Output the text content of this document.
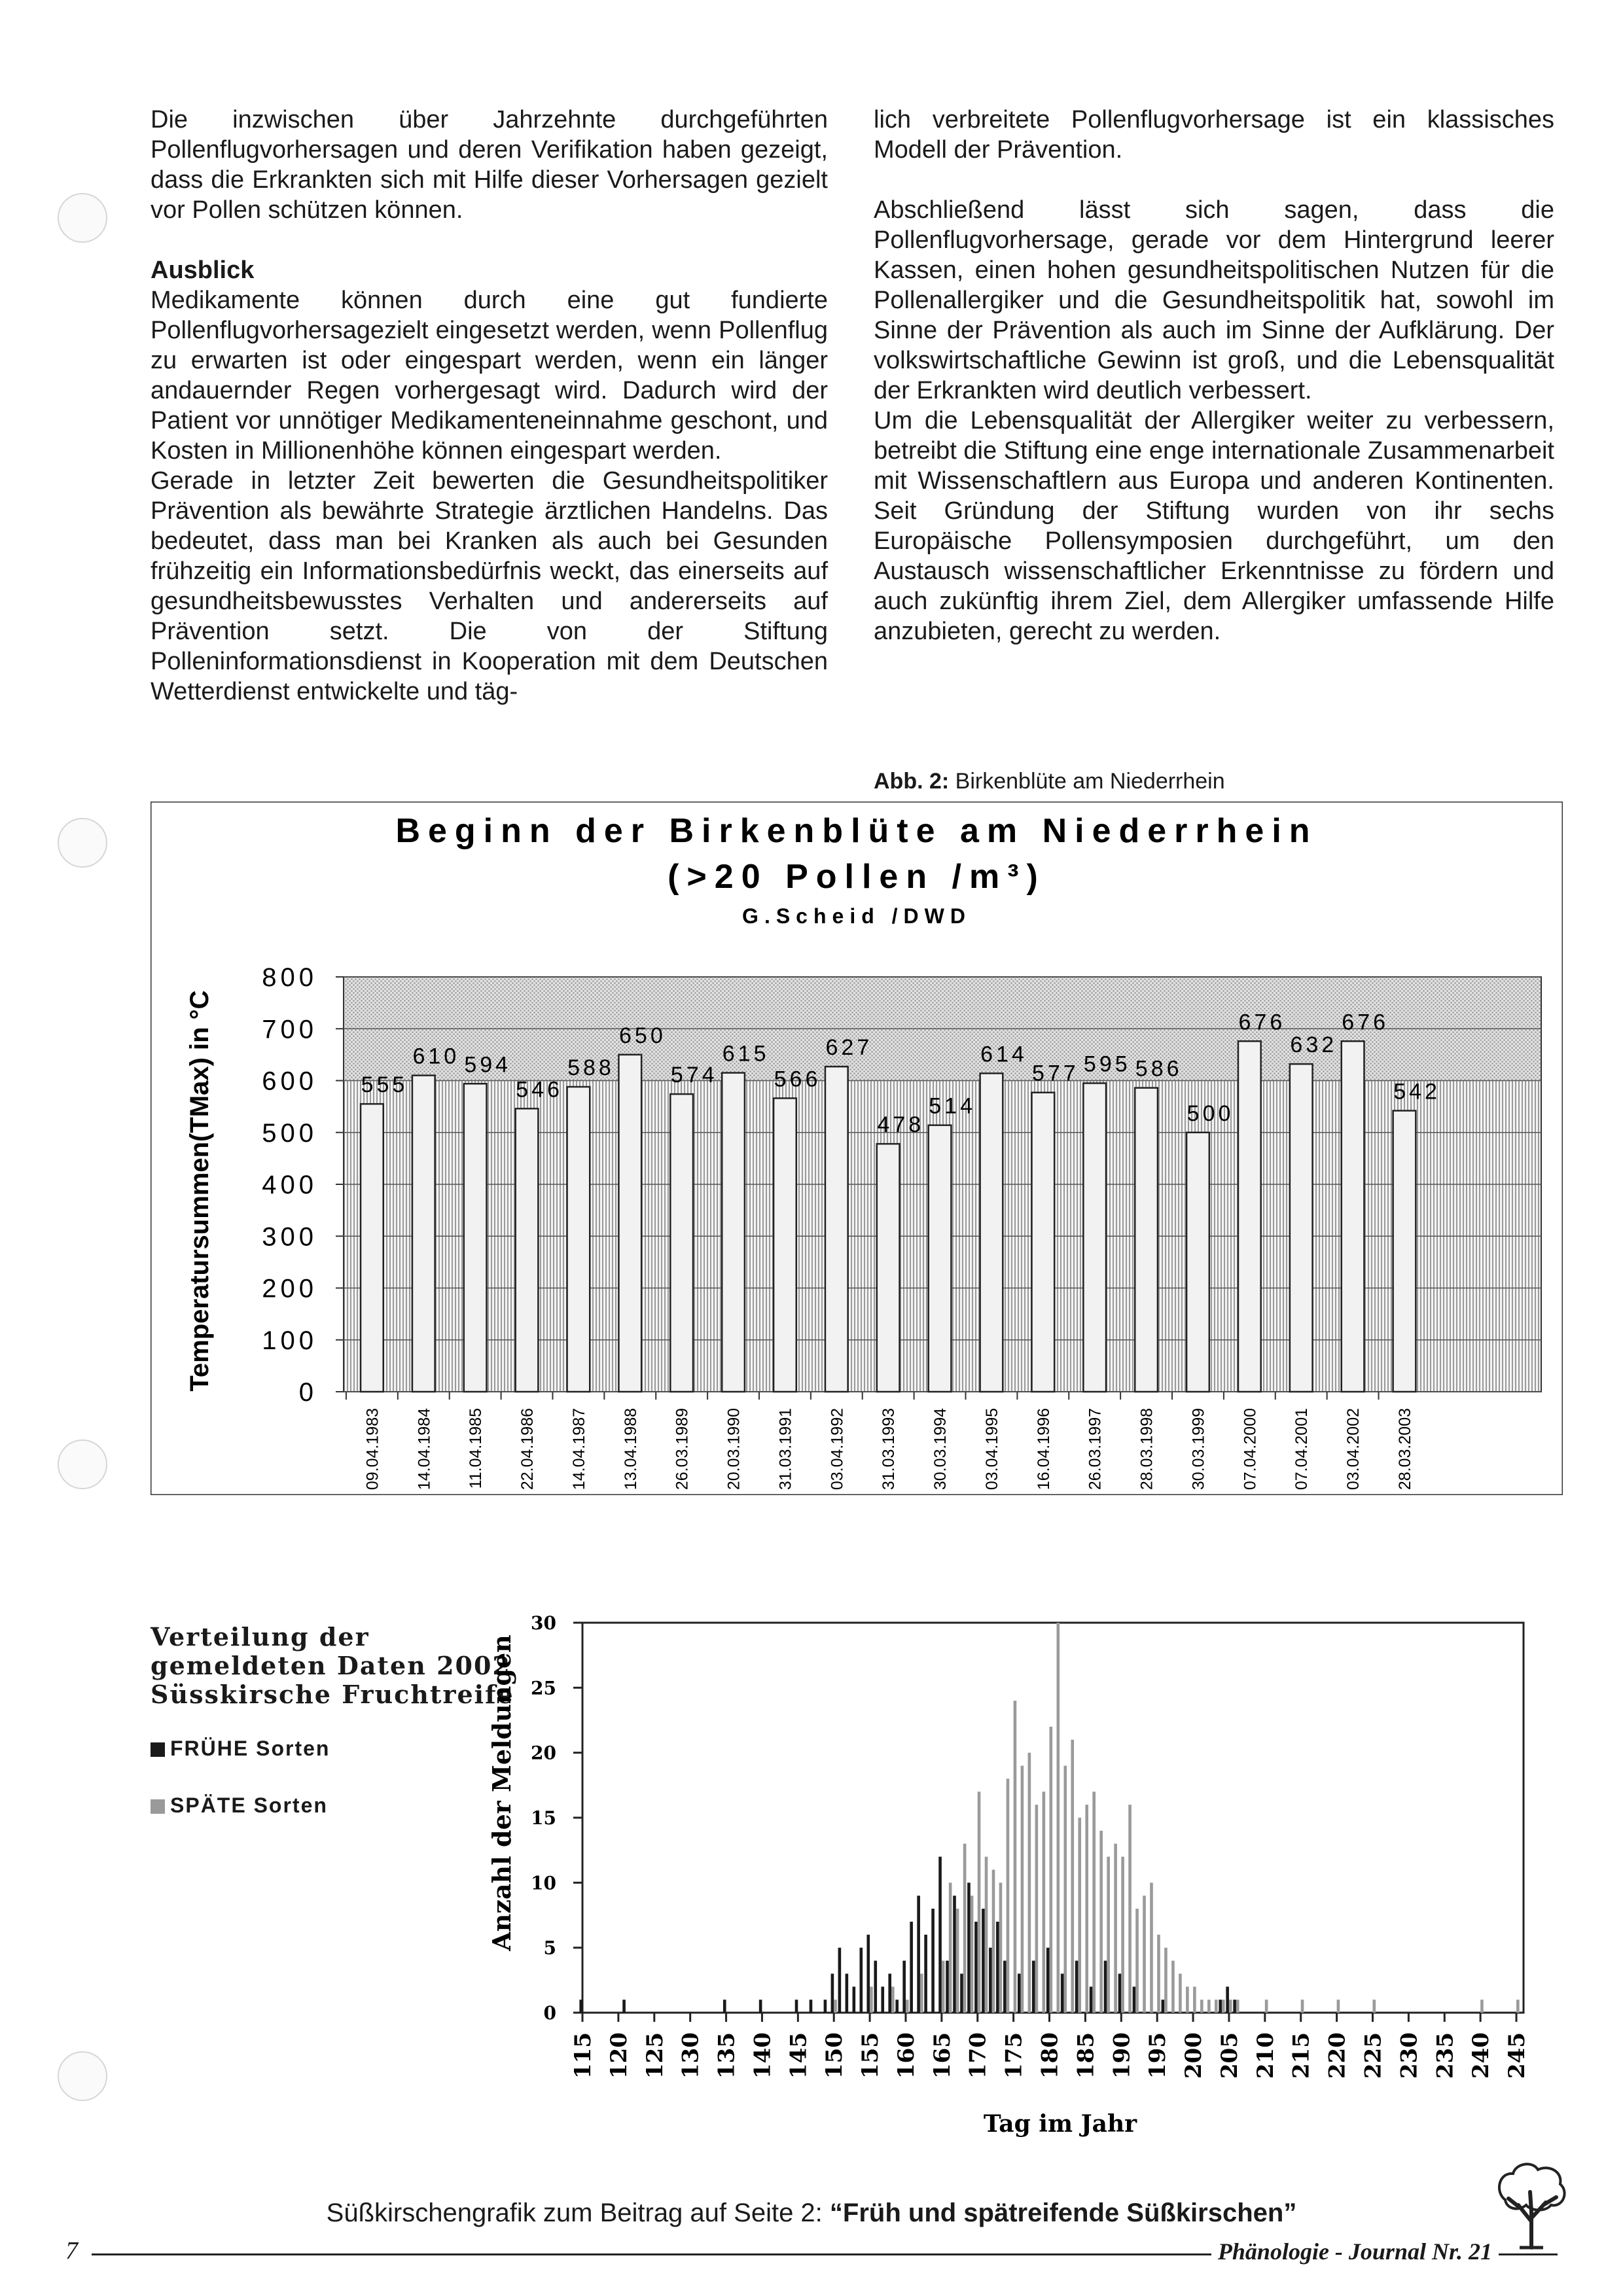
Die inzwischen über Jahrzehnte durchgeführten Pollenflugvorhersagen und deren Verifikation haben gezeigt, dass die Erkrankten sich mit Hilfe dieser Vorhersagen gezielt vor Pollen schützen können.

Ausblick

Medikamente können durch eine gut fundierte Pollenflugvorhersagezielt eingesetzt werden, wenn Pollenflug zu erwarten ist oder eingespart werden, wenn ein länger andauernder Regen vorhergesagt wird. Dadurch wird der Patient vor unnötiger Medikamenteneinnahme geschont, und Kosten in Millionenhöhe können eingespart werden.

Gerade in letzter Zeit bewerten die Gesundheitspolitiker Prävention als bewährte Strategie ärztlichen Handelns. Das bedeutet, dass man bei Kranken als auch bei Gesunden frühzeitig ein Informationsbedürfnis weckt, das einerseits auf gesundheitsbewusstes Verhalten und andererseits auf Prävention setzt. Die von der Stiftung Polleninformationsdienst in Kooperation mit dem Deutschen Wetterdienst entwickelte und täg-

lich verbreitete Pollenflugvorhersage ist ein klassisches Modell der Prävention.

Abschließend lässt sich sagen, dass die Pollenflugvorhersage, gerade vor dem Hintergrund leerer Kassen, einen hohen gesundheitspolitischen Nutzen für die Pollenallergiker und die Gesundheitspolitik hat, sowohl im Sinne der Prävention als auch im Sinne der Aufklärung. Der volkswirtschaftliche Gewinn ist groß, und die Lebensqualität der Erkrankten wird deutlich verbessert.

Um die Lebensqualität der Allergiker weiter zu verbessern, betreibt die Stiftung eine enge internationale Zusammenarbeit mit Wissenschaftlern aus Europa und anderen Kontinenten. Seit Gründung der Stiftung wurden von ihr sechs Europäische Pollensymposien durchgeführt, um den Austausch wissenschaftlicher Erkenntnisse zu fördern und auch zukünftig ihrem Ziel, dem Allergiker umfassende Hilfe anzubieten, gerecht zu werden.

Abb. 2: Birkenblüte am Niederrhein
Beginn der Birkenblüte am Niederrhein
(>20 Pollen /m³)
G.Scheid /DWD
Temperatursummen(TMax) in °C
800
700
600
500
400
300
200
100
0
555
610 594
546
588
650
574
615
566
627
478
514
614
577 595 586
500
676
632
676
542
09.04.1983 14.04.1984 11.04.1985 22.04.1986 14.04.1987 13.04.1988 26.03.1989 20.03.1990 31.03.1991 03.04.1992 31.03.1993 30.03.1994 03.04.1995 16.04.1996 26.03.1997 28.03.1998 30.03.1999 07.04.2000 07.04.2001 03.04.2002 28.03.2003
Verteilung der
gemeldeten Daten 2002
Süsskirsche Fruchtreife
FRÜHE Sorten
SPÄTE Sorten	Anzahl der Meldungen
Tag im Jahr
30
25
20
15
10
5
0
115 120 125 130 135 140 145 150 155 160 165 170 175 180 185 190 195 200 205 210 215 220 225 230 235 240 245
Süßkirschengrafik zum Beitrag auf Seite 2: “Früh und spätreifende Süßkirschen”
7	Phänologie - Journal Nr. 21
